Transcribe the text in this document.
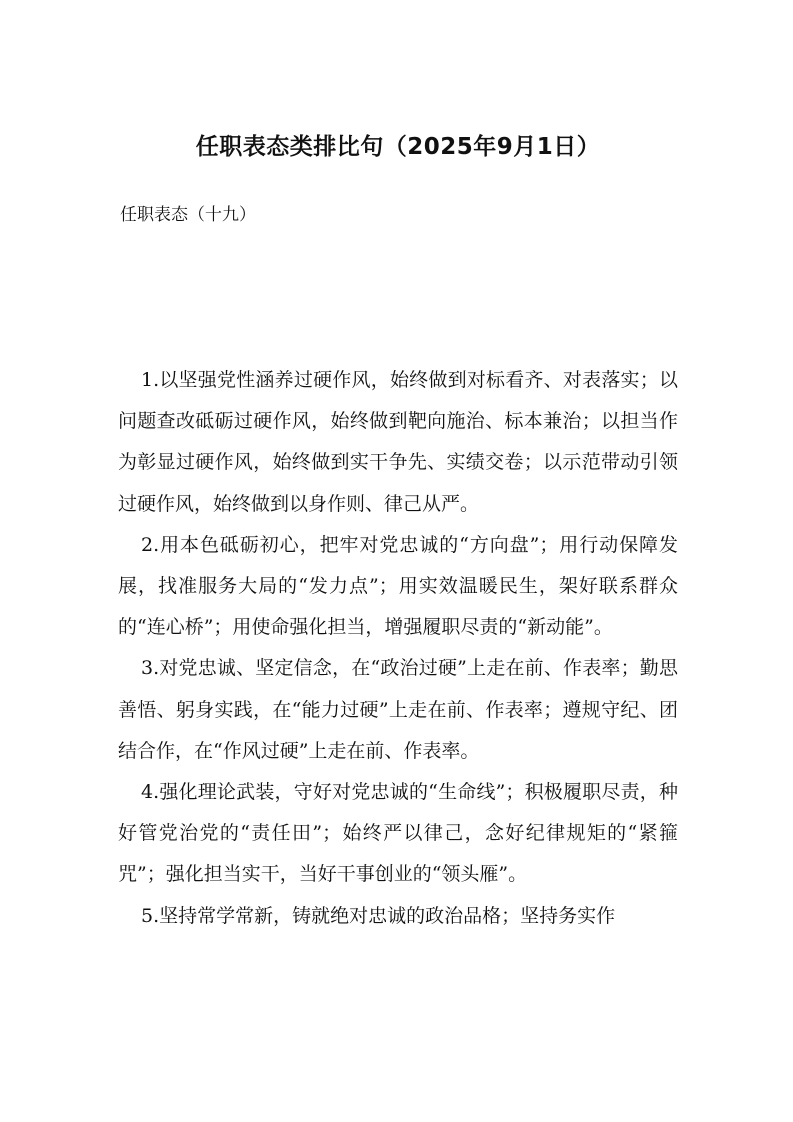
任职表态类排比句（2025年9月1日）

任职表态（十九）

1.以坚强党性涵养过硬作风，始终做到对标看齐、对表落实；以问题查改砥砺过硬作风，始终做到靶向施治、标本兼治；以担当作为彰显过硬作风，始终做到实干争先、实绩交卷；以示范带动引领过硬作风，始终做到以身作则、律己从严。

2.用本色砥砺初心，把牢对党忠诚的“方向盘”；用行动保障发展，找准服务大局的“发力点”；用实效温暖民生，架好联系群众的“连心桥”；用使命强化担当，增强履职尽责的“新动能”。

3.对党忠诚、坚定信念，在“政治过硬”上走在前、作表率；勤思善悟、躬身实践，在“能力过硬”上走在前、作表率；遵规守纪、团结合作，在“作风过硬”上走在前、作表率。

4.强化理论武装，守好对党忠诚的“生命线”；积极履职尽责，种好管党治党的“责任田”；始终严以律己，念好纪律规矩的“紧箍咒”；强化担当实干，当好干事创业的“领头雁”。

5.坚持常学常新，铸就绝对忠诚的政治品格；坚持务实作
